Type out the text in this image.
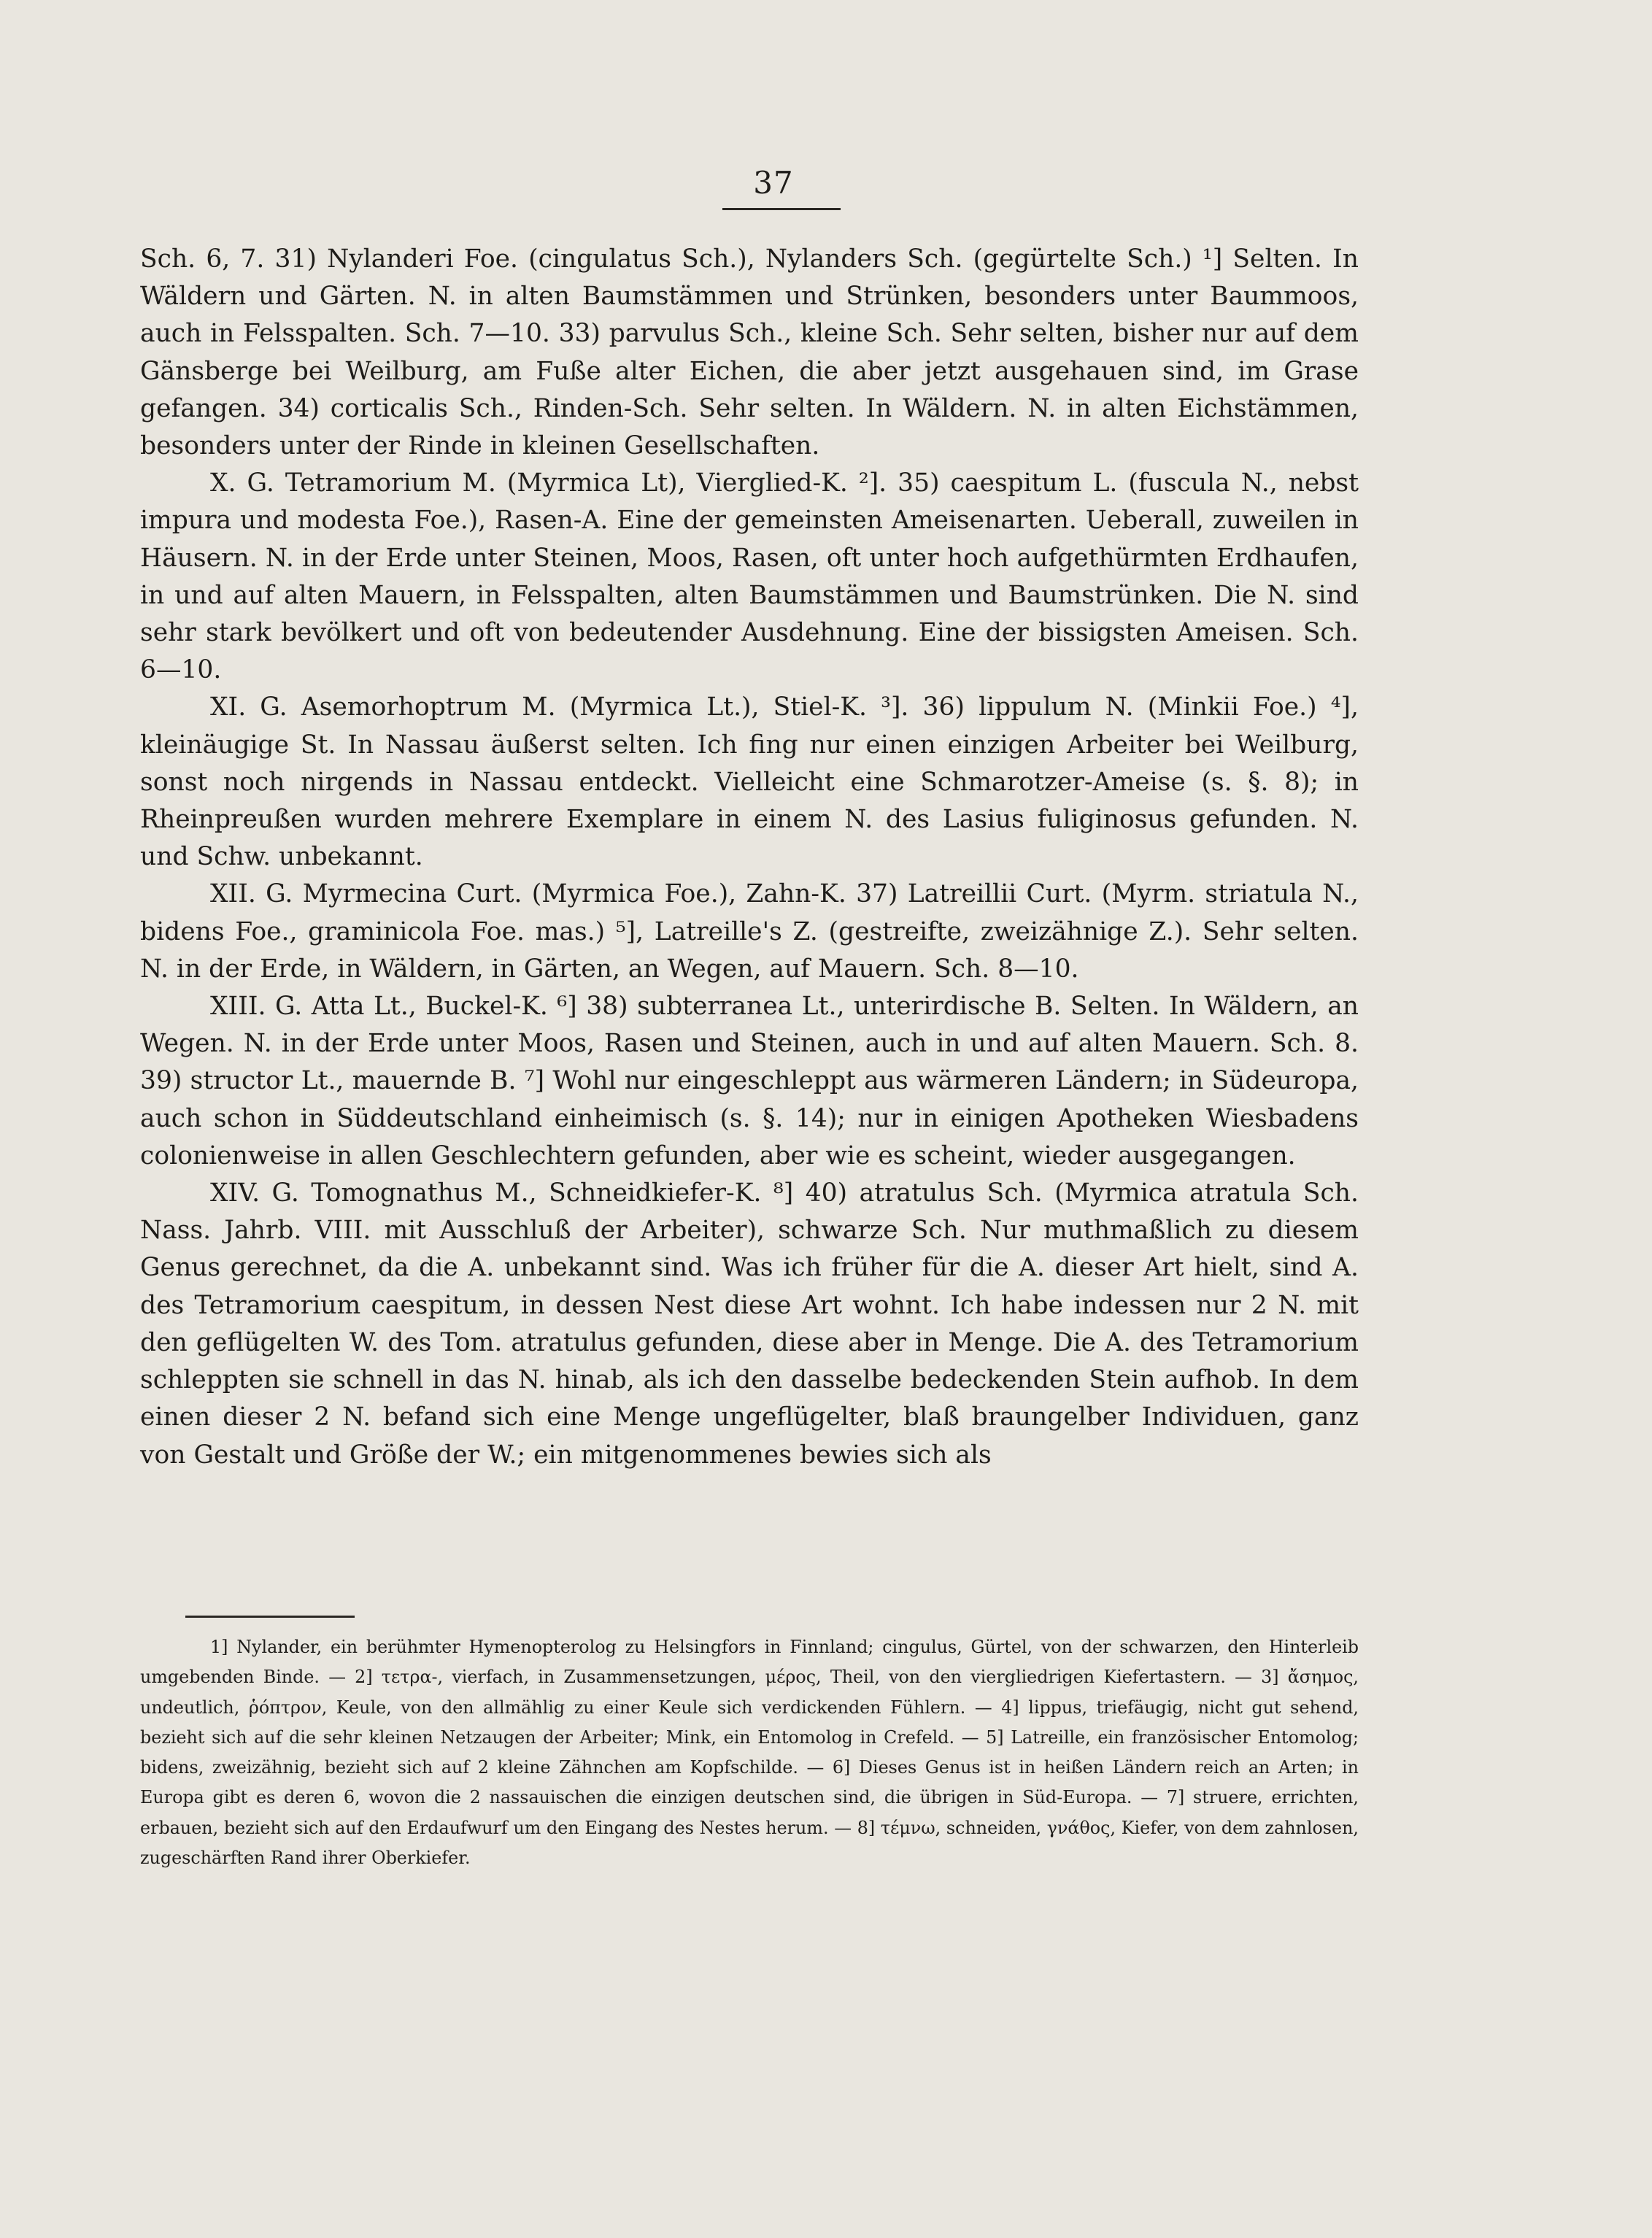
37

Sch. 6, 7. 31) Nylanderi Foe. (cingulatus Sch.), Nylanders Sch. (gegürtelte Sch.) ¹] Selten. In Wäldern und Gärten. N. in alten Baumstämmen und Strünken, besonders unter Baummoos, auch in Felsspalten. Sch. 7—10. 33) parvulus Sch., kleine Sch. Sehr selten, bisher nur auf dem Gänsberge bei Weilburg, am Fuße alter Eichen, die aber jetzt ausgehauen sind, im Grase gefangen. 34) corticalis Sch., Rinden-Sch. Sehr selten. In Wäldern. N. in alten Eichstämmen, besonders unter der Rinde in kleinen Gesellschaften.

X. G. Tetramorium M. (Myrmica Lt), Vierglied-K. ²]. 35) caespitum L. (fuscula N., nebst impura und modesta Foe.), Rasen-A. Eine der gemeinsten Ameisenarten. Ueberall, zuweilen in Häusern. N. in der Erde unter Steinen, Moos, Rasen, oft unter hoch aufgethürmten Erdhaufen, in und auf alten Mauern, in Felsspalten, alten Baumstämmen und Baumstrünken. Die N. sind sehr stark bevölkert und oft von bedeutender Ausdehnung. Eine der bissigsten Ameisen. Sch. 6—10.

XI. G. Asemorhoptrum M. (Myrmica Lt.), Stiel-K. ³]. 36) lippulum N. (Minkii Foe.) ⁴], kleinäugige St. In Nassau äußerst selten. Ich fing nur einen einzigen Arbeiter bei Weilburg, sonst noch nirgends in Nassau entdeckt. Vielleicht eine Schmarotzer-Ameise (s. §. 8); in Rheinpreußen wurden mehrere Exemplare in einem N. des Lasius fuliginosus gefunden. N. und Schw. unbekannt.

XII. G. Myrmecina Curt. (Myrmica Foe.), Zahn-K. 37) Latreillii Curt. (Myrm. striatula N., bidens Foe., graminicola Foe. mas.) ⁵], Latreille's Z. (gestreifte, zweizähnige Z.). Sehr selten. N. in der Erde, in Wäldern, in Gärten, an Wegen, auf Mauern. Sch. 8—10.

XIII. G. Atta Lt., Buckel-K. ⁶] 38) subterranea Lt., unterirdische B. Selten. In Wäldern, an Wegen. N. in der Erde unter Moos, Rasen und Steinen, auch in und auf alten Mauern. Sch. 8. 39) structor Lt., mauernde B. ⁷] Wohl nur eingeschleppt aus wärmeren Ländern; in Südeuropa, auch schon in Süddeutschland einheimisch (s. §. 14); nur in einigen Apotheken Wiesbadens colonienweise in allen Geschlechtern gefunden, aber wie es scheint, wieder ausgegangen.

XIV. G. Tomognathus M., Schneidkiefer-K. ⁸] 40) atratulus Sch. (Myrmica atratula Sch. Nass. Jahrb. VIII. mit Ausschluß der Arbeiter), schwarze Sch. Nur muthmaßlich zu diesem Genus gerechnet, da die A. unbekannt sind. Was ich früher für die A. dieser Art hielt, sind A. des Tetramorium caespitum, in dessen Nest diese Art wohnt. Ich habe indessen nur 2 N. mit den geflügelten W. des Tom. atratulus gefunden, diese aber in Menge. Die A. des Tetramorium schleppten sie schnell in das N. hinab, als ich den dasselbe bedeckenden Stein aufhob. In dem einen dieser 2 N. befand sich eine Menge ungeflügelter, blaß braungelber Individuen, ganz von Gestalt und Größe der W.; ein mitgenommenes bewies sich als

1] Nylander, ein berühmter Hymenopterolog zu Helsingfors in Finnland; cingulus, Gürtel, von der schwarzen, den Hinterleib umgebenden Binde. — 2] τετρα-, vierfach, in Zusammensetzungen, μέρος, Theil, von den viergliedrigen Kiefertastern. — 3] ἄσημος, undeutlich, ῥόπτρον, Keule, von den allmählig zu einer Keule sich verdickenden Fühlern. — 4] lippus, triefäugig, nicht gut sehend, bezieht sich auf die sehr kleinen Netzaugen der Arbeiter; Mink, ein Entomolog in Crefeld. — 5] Latreille, ein französischer Entomolog; bidens, zweizähnig, bezieht sich auf 2 kleine Zähnchen am Kopfschilde. — 6] Dieses Genus ist in heißen Ländern reich an Arten; in Europa gibt es deren 6, wovon die 2 nassauischen die einzigen deutschen sind, die übrigen in Süd-Europa. — 7] struere, errichten, erbauen, bezieht sich auf den Erdaufwurf um den Eingang des Nestes herum. — 8] τέμνω, schneiden, γνάθος, Kiefer, von dem zahnlosen, zugeschärften Rand ihrer Oberkiefer.
